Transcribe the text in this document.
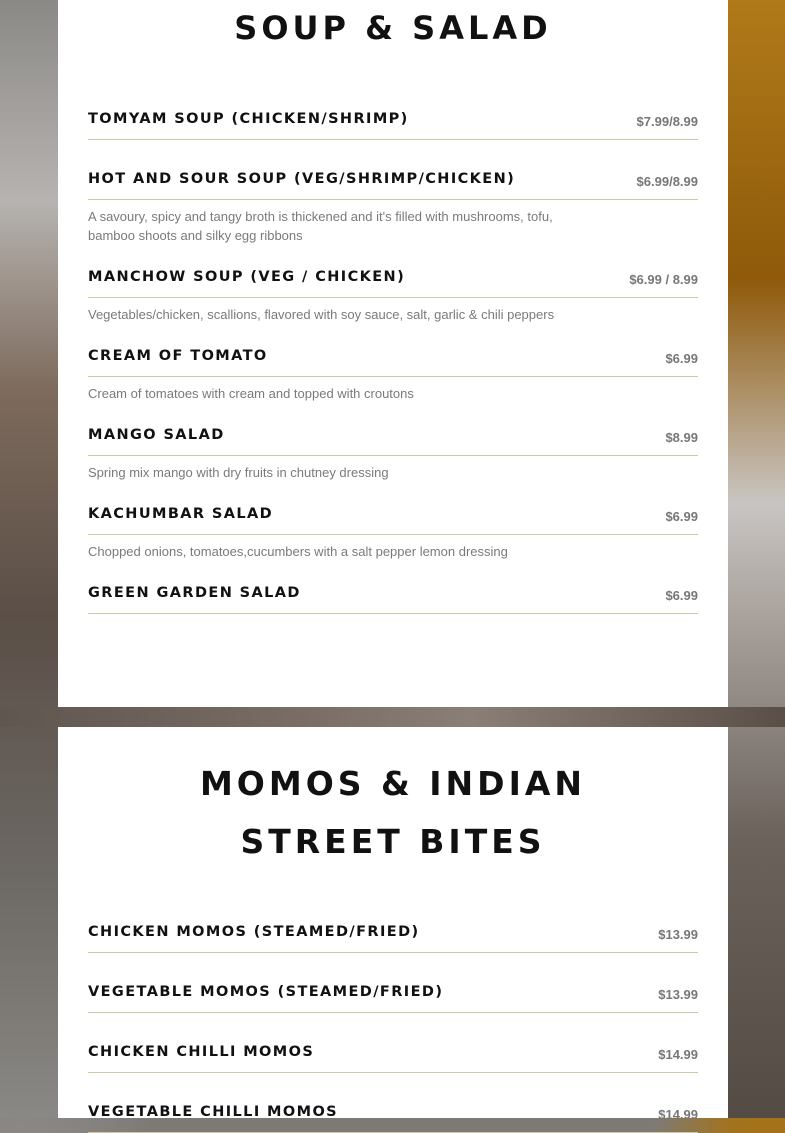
SOUP & SALAD
TOMYAM SOUP (CHICKEN/SHRIMP)	$7.99/8.99
HOT AND SOUR SOUP (VEG/SHRIMP/CHICKEN)	$6.99/8.99
A savoury, spicy and tangy broth is thickened and it's filled with mushrooms, tofu, bamboo shoots and silky egg ribbons
MANCHOW SOUP (VEG / CHICKEN)	$6.99 / 8.99
Vegetables/chicken, scallions, flavored with soy sauce, salt, garlic & chili peppers
CREAM OF TOMATO	$6.99
Cream of tomatoes with cream and topped with croutons
MANGO SALAD	$8.99
Spring mix mango with dry fruits in chutney dressing
KACHUMBAR SALAD	$6.99
Chopped onions, tomatoes,cucumbers with a salt pepper lemon dressing
GREEN GARDEN SALAD	$6.99
MOMOS & INDIAN STREET BITES
CHICKEN MOMOS (STEAMED/FRIED)	$13.99
VEGETABLE MOMOS (STEAMED/FRIED)	$13.99
CHICKEN CHILLI MOMOS	$14.99
VEGETABLE CHILLI MOMOS	$14.99
